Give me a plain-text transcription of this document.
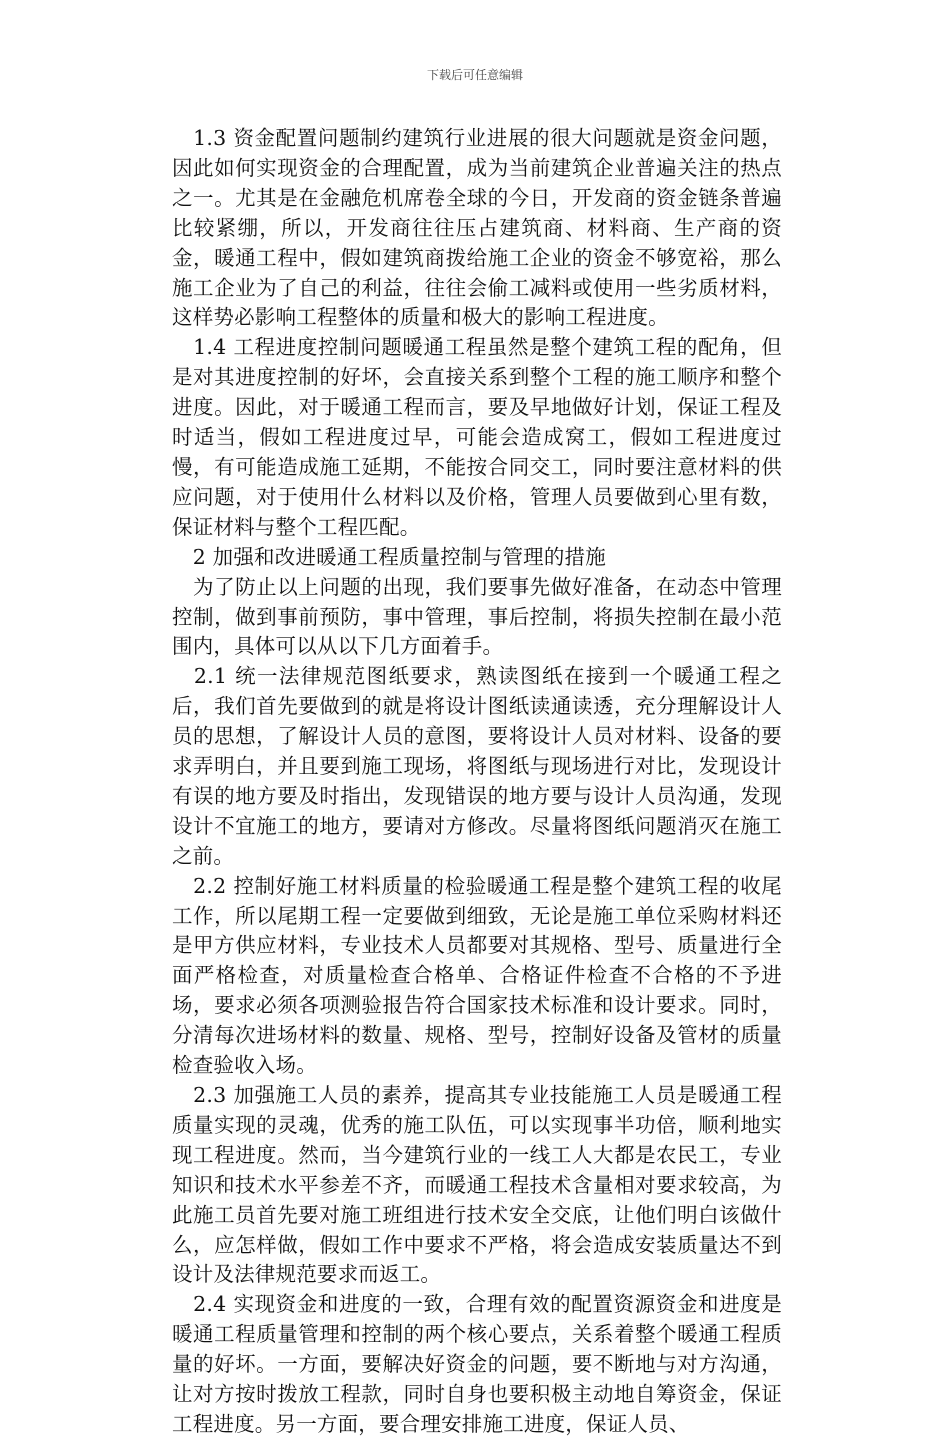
下载后可任意编辑

　1.3 资金配置问题制约建筑行业进展的很大问题就是资金问题，因此如何实现资金的合理配置，成为当前建筑企业普遍关注的热点之一。尤其是在金融危机席卷全球的今日，开发商的资金链条普遍比较紧绷，所以，开发商往往压占建筑商、材料商、生产商的资金，暖通工程中，假如建筑商拨给施工企业的资金不够宽裕，那么施工企业为了自己的利益，往往会偷工减料或使用一些劣质材料，这样势必影响工程整体的质量和极大的影响工程进度。

　1.4 工程进度控制问题暖通工程虽然是整个建筑工程的配角，但是对其进度控制的好坏，会直接关系到整个工程的施工顺序和整个进度。因此，对于暖通工程而言，要及早地做好计划，保证工程及时适当，假如工程进度过早，可能会造成窝工，假如工程进度过慢，有可能造成施工延期，不能按合同交工，同时要注意材料的供应问题，对于使用什么材料以及价格，管理人员要做到心里有数，保证材料与整个工程匹配。

　2 加强和改进暖通工程质量控制与管理的措施

　为了防止以上问题的出现，我们要事先做好准备，在动态中管理控制，做到事前预防，事中管理，事后控制，将损失控制在最小范围内，具体可以从以下几方面着手。

　2.1 统一法律规范图纸要求，熟读图纸在接到一个暖通工程之后，我们首先要做到的就是将设计图纸读通读透，充分理解设计人员的思想，了解设计人员的意图，要将设计人员对材料、设备的要求弄明白，并且要到施工现场，将图纸与现场进行对比，发现设计有误的地方要及时指出，发现错误的地方要与设计人员沟通，发现设计不宜施工的地方，要请对方修改。尽量将图纸问题消灭在施工之前。

　2.2 控制好施工材料质量的检验暖通工程是整个建筑工程的收尾工作，所以尾期工程一定要做到细致，无论是施工单位采购材料还是甲方供应材料，专业技术人员都要对其规格、型号、质量进行全面严格检查，对质量检查合格单、合格证件检查不合格的不予进场，要求必须各项测验报告符合国家技术标准和设计要求。同时，分清每次进场材料的数量、规格、型号，控制好设备及管材的质量检查验收入场。

　2.3 加强施工人员的素养，提高其专业技能施工人员是暖通工程质量实现的灵魂，优秀的施工队伍，可以实现事半功倍，顺利地实现工程进度。然而，当今建筑行业的一线工人大都是农民工，专业知识和技术水平参差不齐，而暖通工程技术含量相对要求较高，为此施工员首先要对施工班组进行技术安全交底，让他们明白该做什么，应怎样做，假如工作中要求不严格，将会造成安装质量达不到设计及法律规范要求而返工。

　2.4 实现资金和进度的一致，合理有效的配置资源资金和进度是暖通工程质量管理和控制的两个核心要点，关系着整个暖通工程质量的好坏。一方面，要解决好资金的问题，要不断地与对方沟通，让对方按时拨放工程款，同时自身也要积极主动地自筹资金，保证工程进度。另一方面，要合理安排施工进度，保证人员、
